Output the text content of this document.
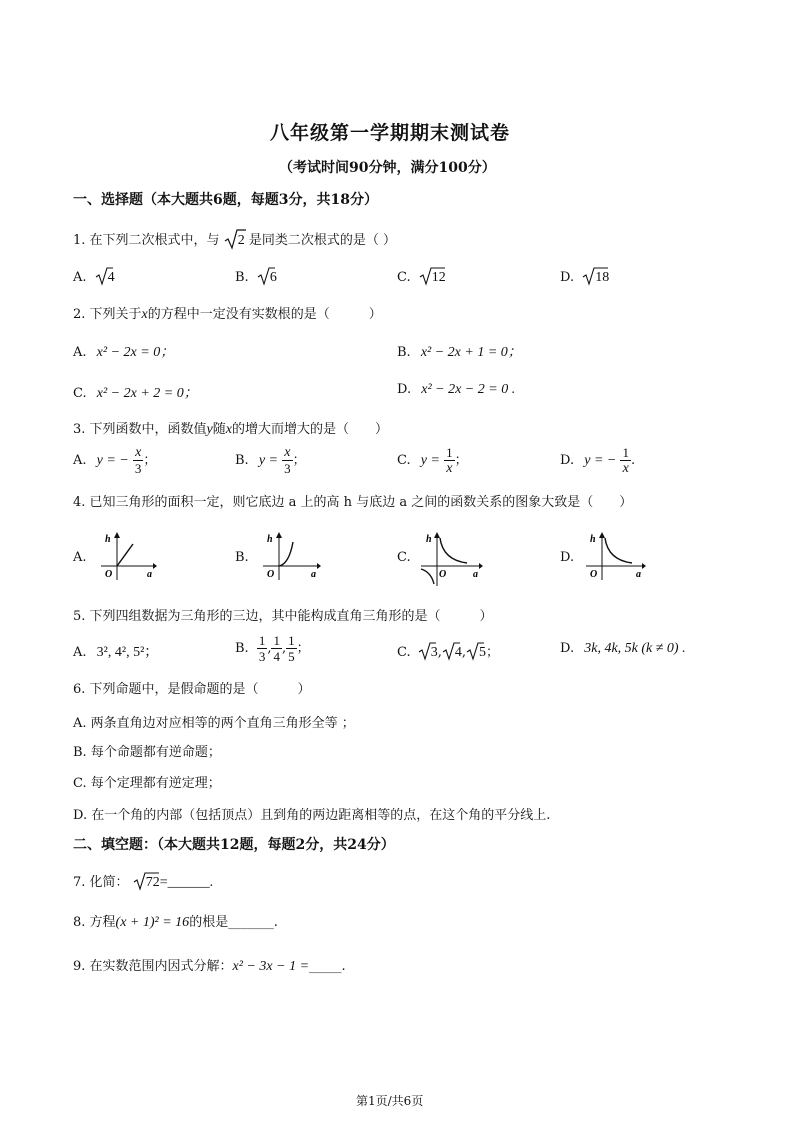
八年级第一学期期末测试卷
（考试时间90分钟，满分100分）
一、选择题（本大题共6题，每题3分，共18分）
1. 在下列二次根式中，与 2 是同类二次根式的是（ ）
A. 4	B. 6	C. 12	D. 18
2. 下列关于x的方程中一定没有实数根的是（　　　）
A. x² − 2x = 0；	B. x² − 2x + 1 = 0；
C. x² − 2x + 2 = 0；	D. x² − 2x − 2 = 0 .
3. 下列函数中，函数值y随x的增大而增大的是（　　）
A. y = − $\frac{x}{3}$ ；	B. $y = \frac{x}{3}$ ；	C. $y = \frac{1}{x}$ ；	D. y = − $\frac{1}{x}$ .
4. 已知三角形的面积一定，则它底边 a 上的高 h 与底边 a 之间的函数关系的图象大致是（　　）
A.
h
O	a
B.
h
O	a
C.
h
O	a
D.
h
O	a
5. 下列四组数据为三角形的三边，其中能构成直角三角形的是（　　　）
A. 3², 4², 5²；	B. $\frac{1}{3}$ , $\frac{1}{4}$ , $\frac{1}{5}$ ；	C. 3, 4, 5；	D. 3k, 4k, 5k (k ≠ 0) .
6. 下列命题中，是假命题的是（　　　）
A. 两条直角边对应相等的两个直角三角形全等 ；
B. 每个命题都有逆命题；
C. 每个定理都有逆定理；
D. 在一个角的内部（包括顶点）且到角的两边距离相等的点，在这个角的平分线上.
二、填空题：（本大题共12题，每题2分，共24分）
7. 化简： 72=______.
8. 方程(x + 1)² = 16的根是_______.
9. 在实数范围内因式分解：x² − 3x − 1 =_____.
第1页/共6页
